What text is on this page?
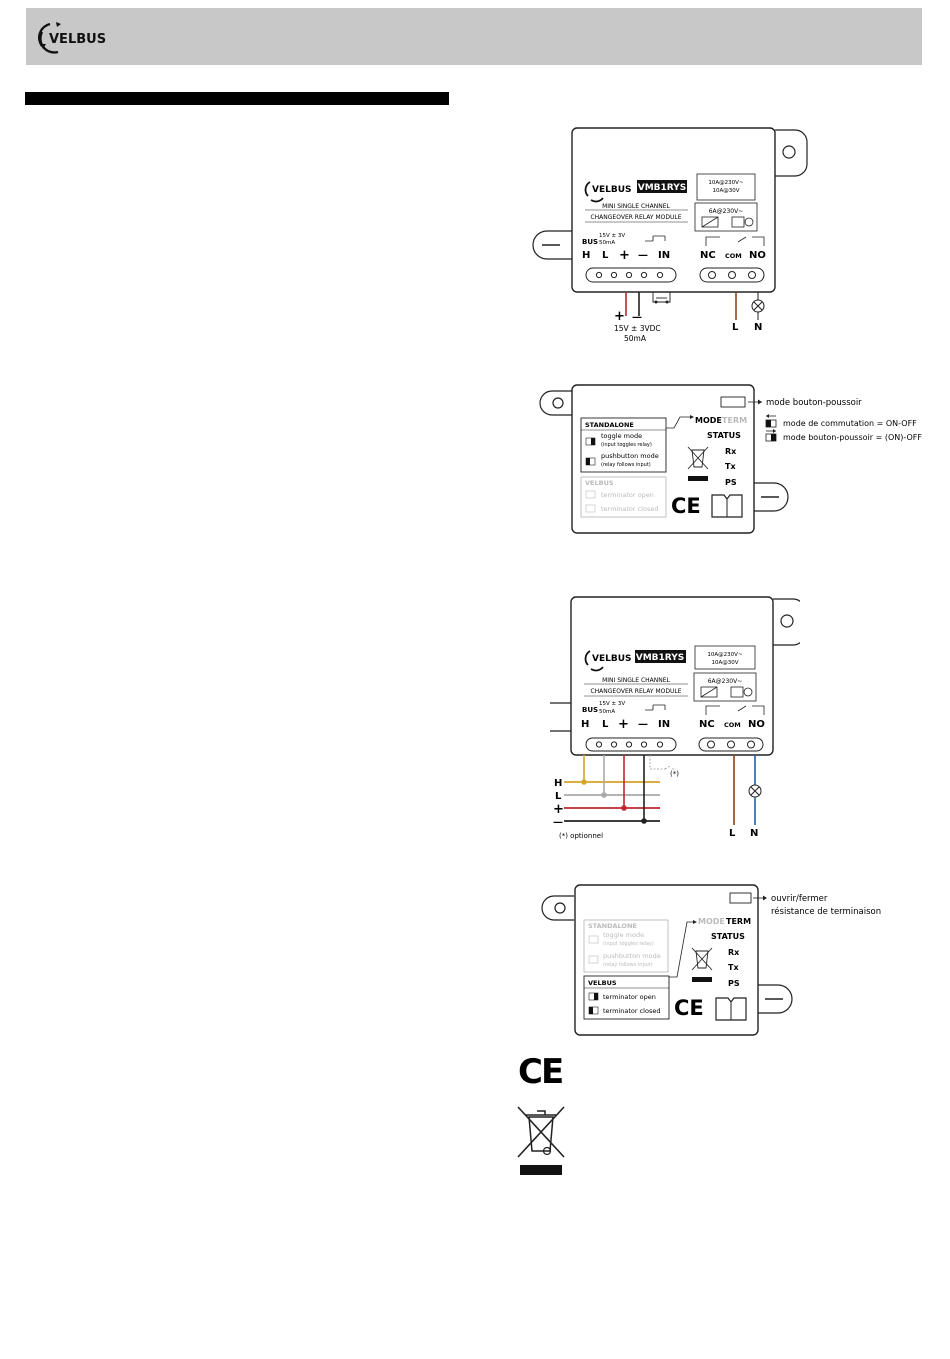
VELBUS
VELBUS VMB1RYS
MINI SINGLE CHANNEL
CHANGEOVER RELAY MODULE
10A@230V~
10A@30V
6A@230V~
15V ± 3V
50mA
BUS
H L + — IN	NC COM NO
+ —
15V ± 3VDC
50mA
L N
mode bouton-poussoir
mode de commutation = ON-OFF
mode bouton-poussoir = (ON)-OFF
STANDALONE
toggle mode
(input toggles relay)
pushbutton mode
(relay follows input)
VELBUS
terminator open
terminator closed
MODE TERM
STATUS
Rx
Tx
PS
CE
VELBUS VMB1RYS
MINI SINGLE CHANNEL
CHANGEOVER RELAY MODULE
10A@230V~
10A@30V
6A@230V~
15V ± 3V
50mA
BUS
H L + — IN	NC COM NO
(*)
H
L
+
—
(*) optionnel	L N
ouvrir/fermer
résistance de terminaison
STANDALONE
toggle mode
(input toggles relay)
pushbutton mode
(relay follows input)
VELBUS
terminator open
terminator closed
MODE TERM
STATUS
Rx
Tx
PS
CE
CE
